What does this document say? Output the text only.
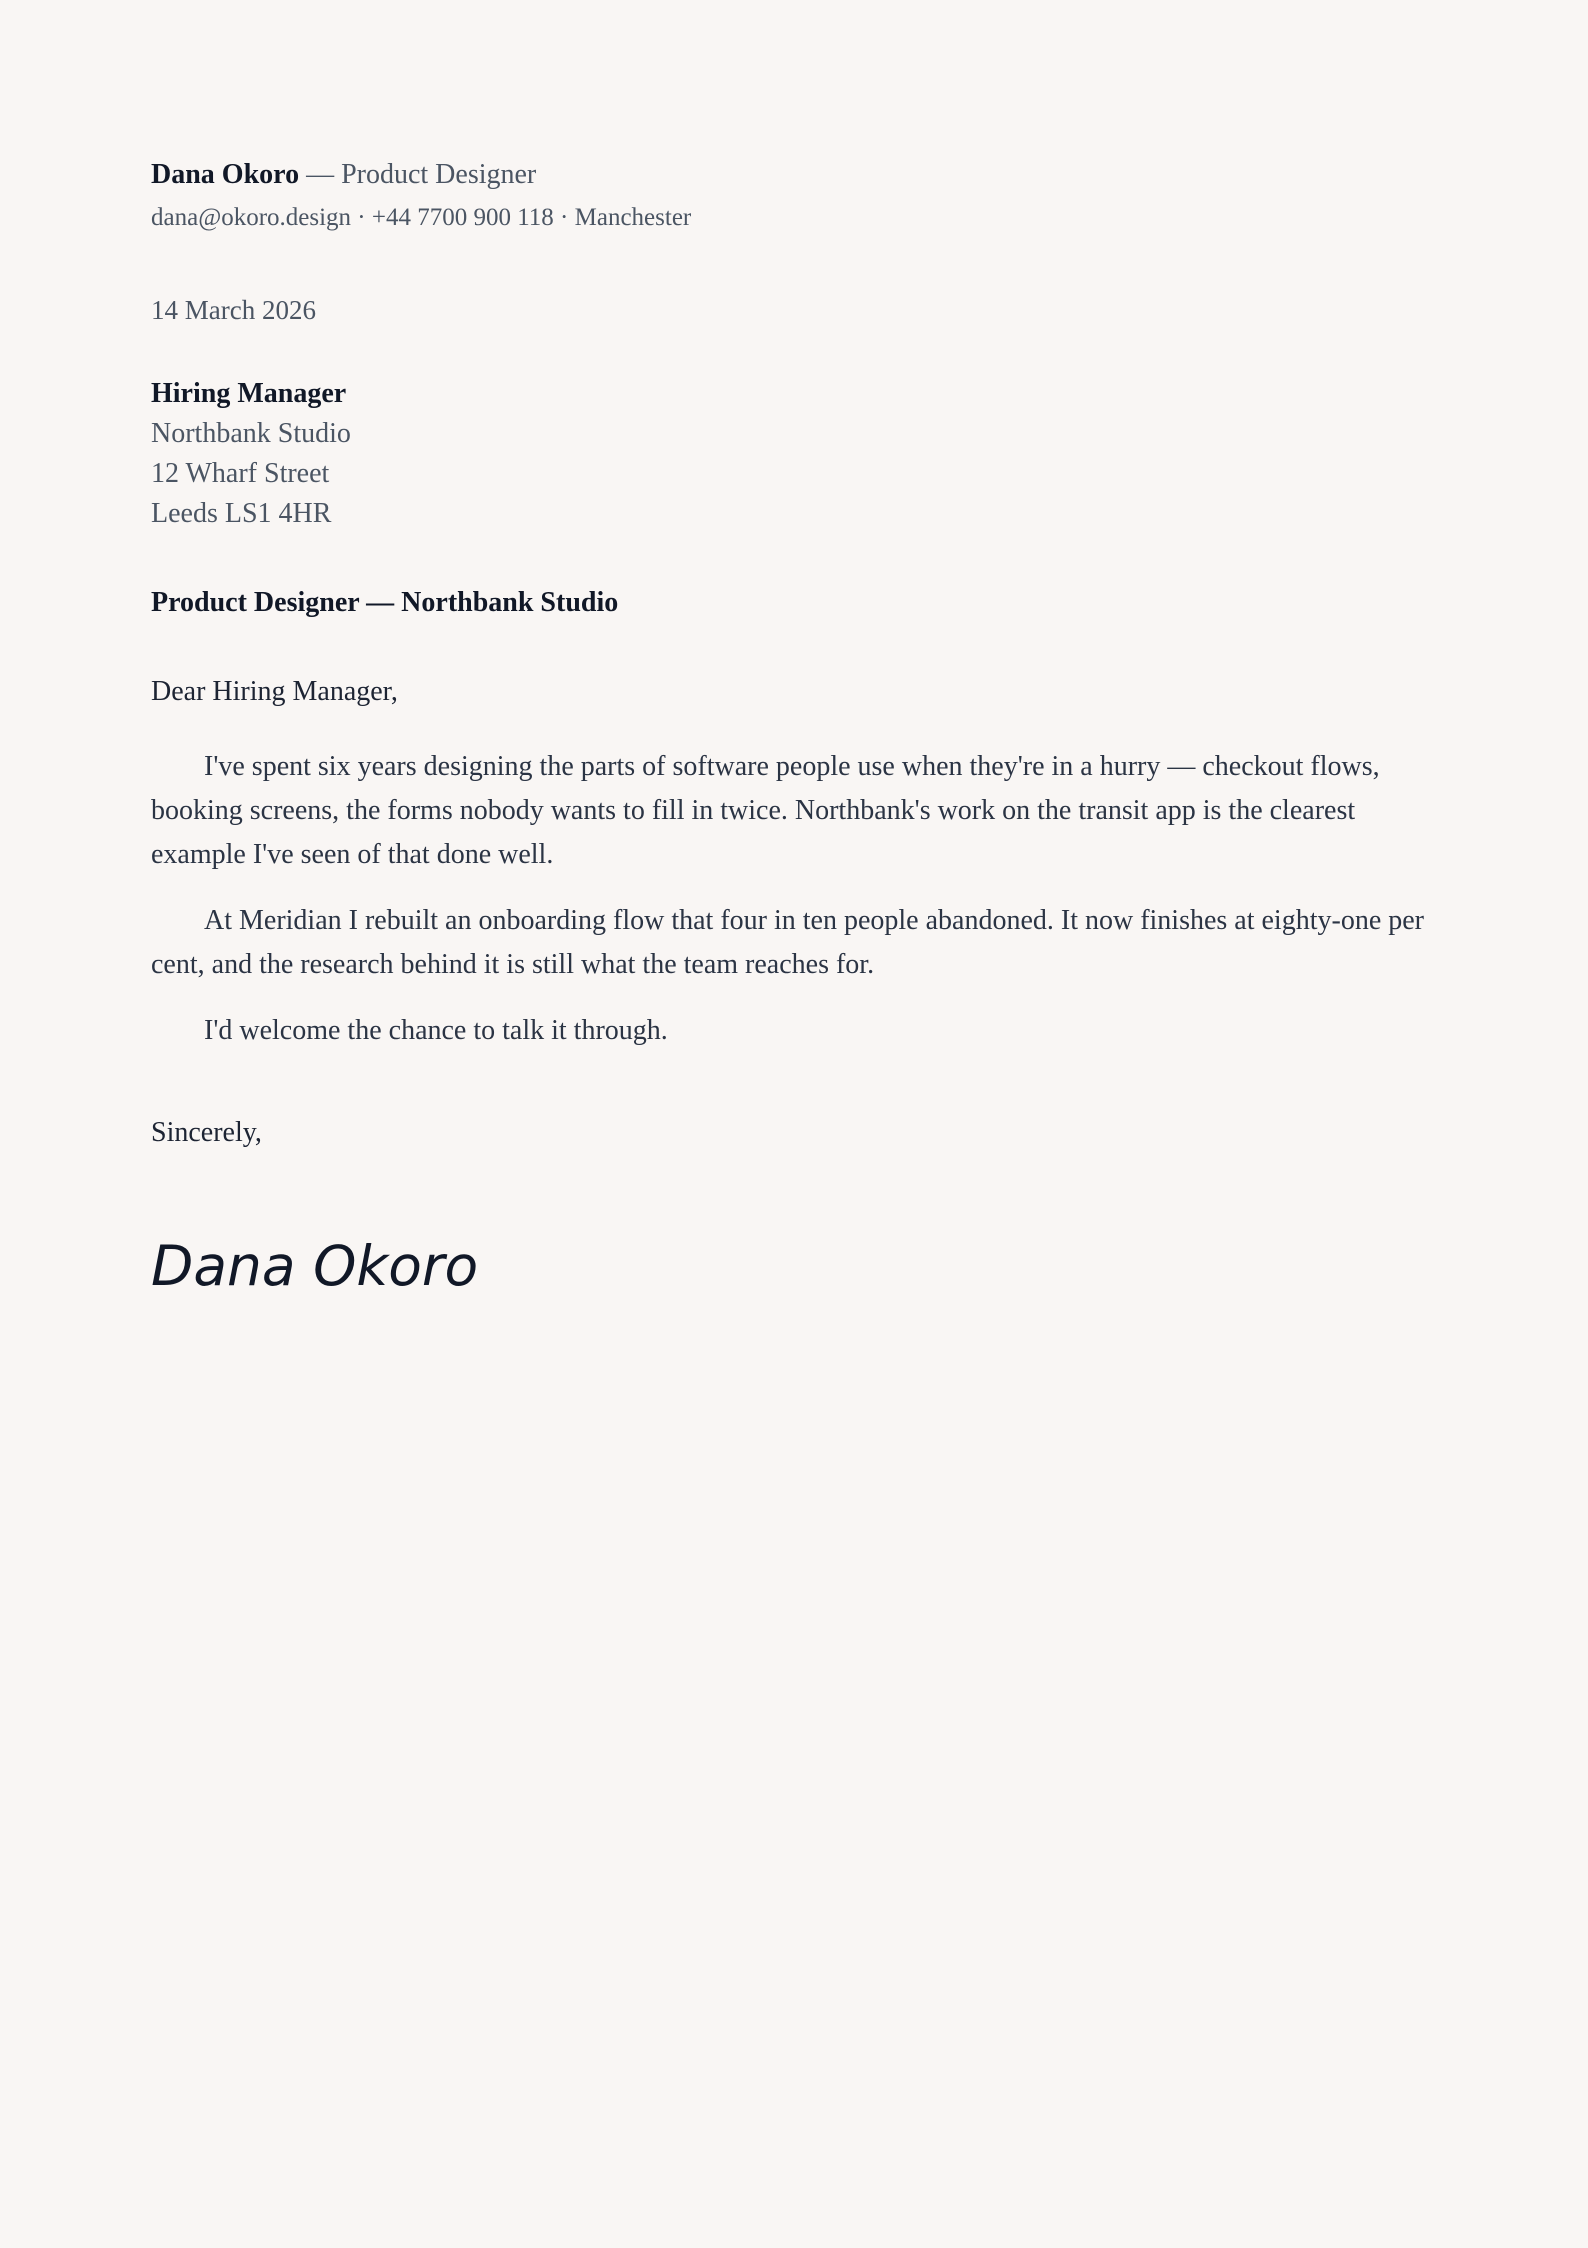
Dana Okoro — Product Designer

dana@okoro.design · +44 7700 900 118 · Manchester

14 March 2026

Hiring Manager

Northbank Studio

12 Wharf Street

Leeds LS1 4HR

Product Designer — Northbank Studio

Dear Hiring Manager,

I've spent six years designing the parts of software people use when they're in a hurry — checkout flows, booking screens, the forms nobody wants to fill in twice. Northbank's work on the transit app is the clearest example I've seen of that done well.

At Meridian I rebuilt an onboarding flow that four in ten people abandoned. It now finishes at eighty-one per cent, and the research behind it is still what the team reaches for.

I'd welcome the chance to talk it through.

Sincerely,

Dana Okoro
